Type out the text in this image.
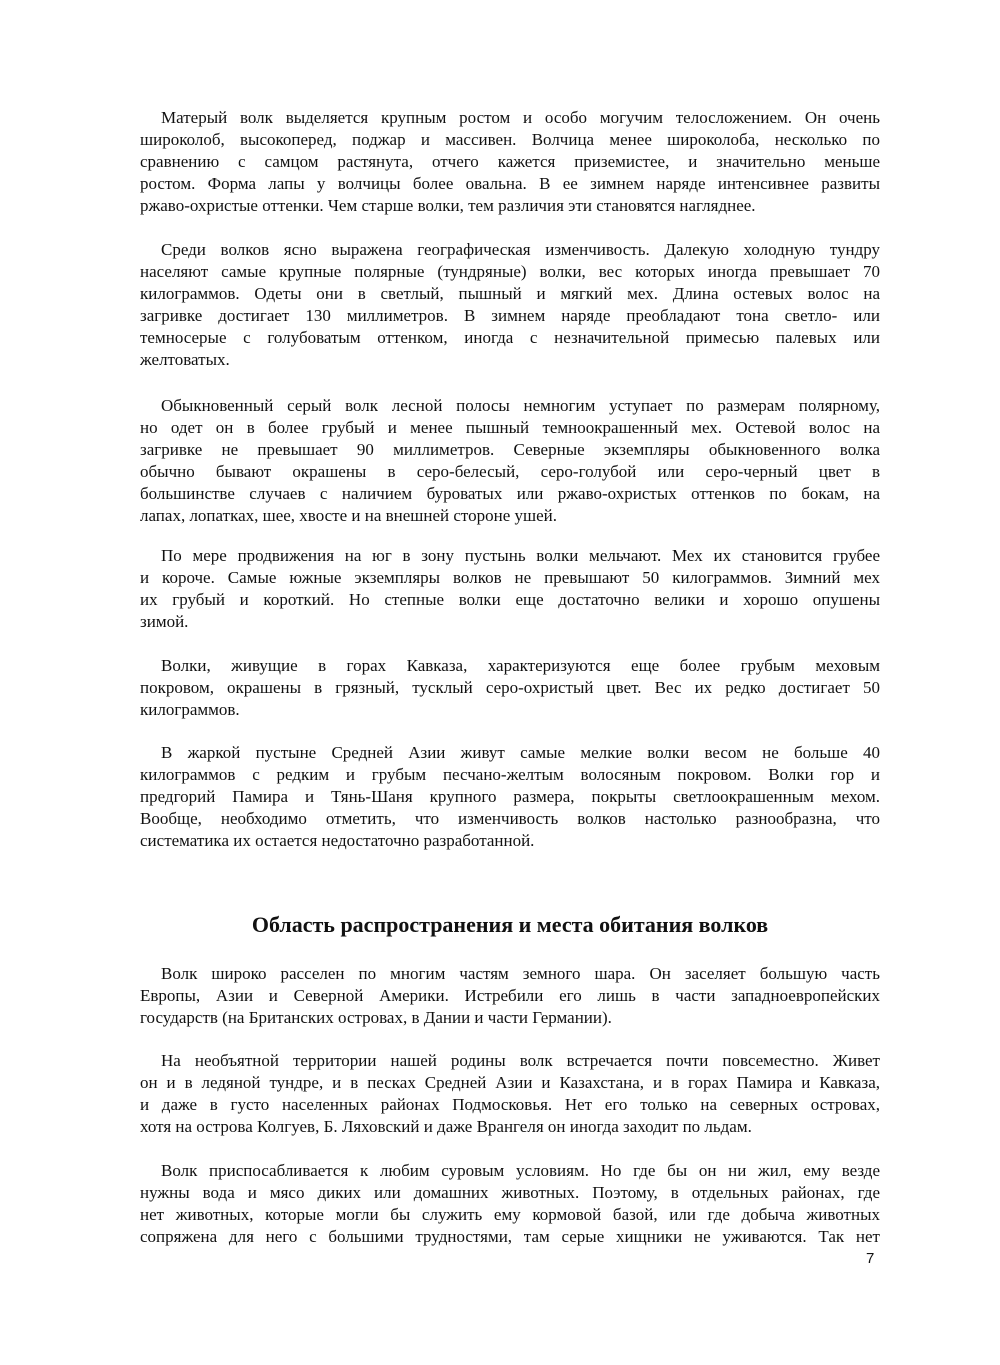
Матерый волк выделяется крупным ростом и особо могучим телосложением. Он очень
широколоб, высокоперед, поджар и массивен. Волчица менее широколоба, несколько по
сравнению с самцом растянута, отчего кажется приземистее, и значительно меньше
ростом. Форма лапы у волчицы более овальна. В ее зимнем наряде интенсивнее развиты
ржаво-охристые оттенки. Чем старше волки, тем различия эти становятся нагляднее.
Среди волков ясно выражена географическая изменчивость. Далекую холодную тундру
населяют самые крупные полярные (тундряные) волки, вес которых иногда превышает 70
килограммов. Одеты они в светлый, пышный и мягкий мех. Длина остевых волос на
загривке достигает 130 миллиметров. В зимнем наряде преобладают тона светло- или
темносерые с голубоватым оттенком, иногда с незначительной примесью палевых или
желтоватых.
Обыкновенный серый волк лесной полосы немногим уступает по размерам полярному,
но одет он в более грубый и менее пышный темноокрашенный мех. Остевой волос на
загривке не превышает 90 миллиметров. Северные экземпляры обыкновенного волка
обычно бывают окрашены в серо-белесый, серо-голубой или серо-черный цвет в
большинстве случаев с наличием буроватых или ржаво-охристых оттенков по бокам, на
лапах, лопатках, шее, хвосте и на внешней стороне ушей.
По мере продвижения на юг в зону пустынь волки мельчают. Мех их становится грубее
и короче. Самые южные экземпляры волков не превышают 50 килограммов. Зимний мех
их грубый и короткий. Но степные волки еще достаточно велики и хорошо опушены
зимой.
Волки, живущие в горах Кавказа, характеризуются еще более грубым меховым
покровом, окрашены в грязный, тусклый серо-охристый цвет. Вес их редко достигает 50
килограммов.
В жаркой пустыне Средней Азии живут самые мелкие волки весом не больше 40
килограммов с редким и грубым песчано-желтым волосяным покровом. Волки гор и
предгорий Памира и Тянь-Шаня крупного размера, покрыты светлоокрашенным мехом.
Вообще, необходимо отметить, что изменчивость волков настолько разнообразна, что
систематика их остается недостаточно разработанной.
Область распространения и места обитания волков
Волк широко расселен по многим частям земного шара. Он заселяет большую часть
Европы, Азии и Северной Америки. Истребили его лишь в части западноевропейских
государств (на Британских островах, в Дании и части Германии).
На необъятной территории нашей родины волк встречается почти повсеместно. Живет
он и в ледяной тундре, и в песках Средней Азии и Казахстана, и в горах Памира и Кавказа,
и даже в густо населенных районах Подмосковья. Нет его только на северных островах,
хотя на острова Колгуев, Б. Ляховский и даже Врангеля он иногда заходит по льдам.
Волк приспосабливается к любим суровым условиям. Но где бы он ни жил, ему везде
нужны вода и мясо диких или домашних животных. Поэтому, в отдельных районах, где
нет животных, которые могли бы служить ему кормовой базой, или где добыча животных
сопряжена для него с большими трудностями, там серые хищники не уживаются. Так нет
7
